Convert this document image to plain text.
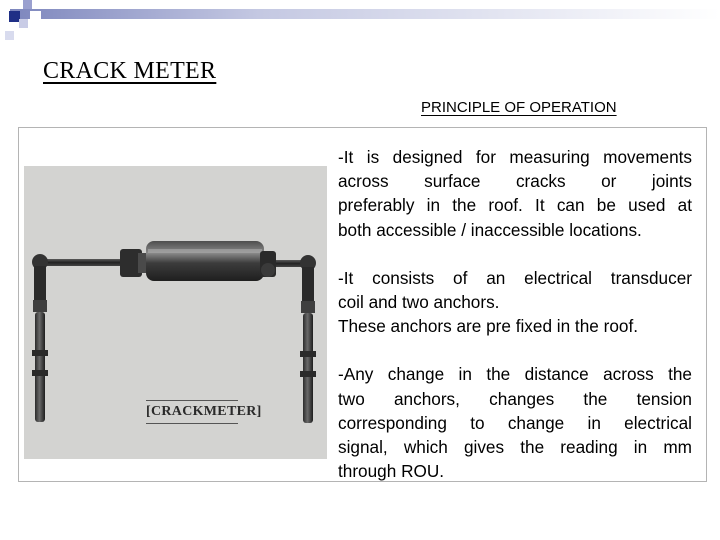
CRACK METER
PRINCIPLE OF OPERATION
[CRACKMETER]

-It is designed for measuring movements
across surface cracks or joints
preferably in the roof. It can be used at
both accessible / inaccessible locations.

-It consists of an electrical transducer
coil and two anchors.
These anchors are pre fixed in the roof.

-Any change in the distance across the
two anchors, changes the tension
corresponding to change in electrical
signal, which gives the reading in mm
through ROU.
